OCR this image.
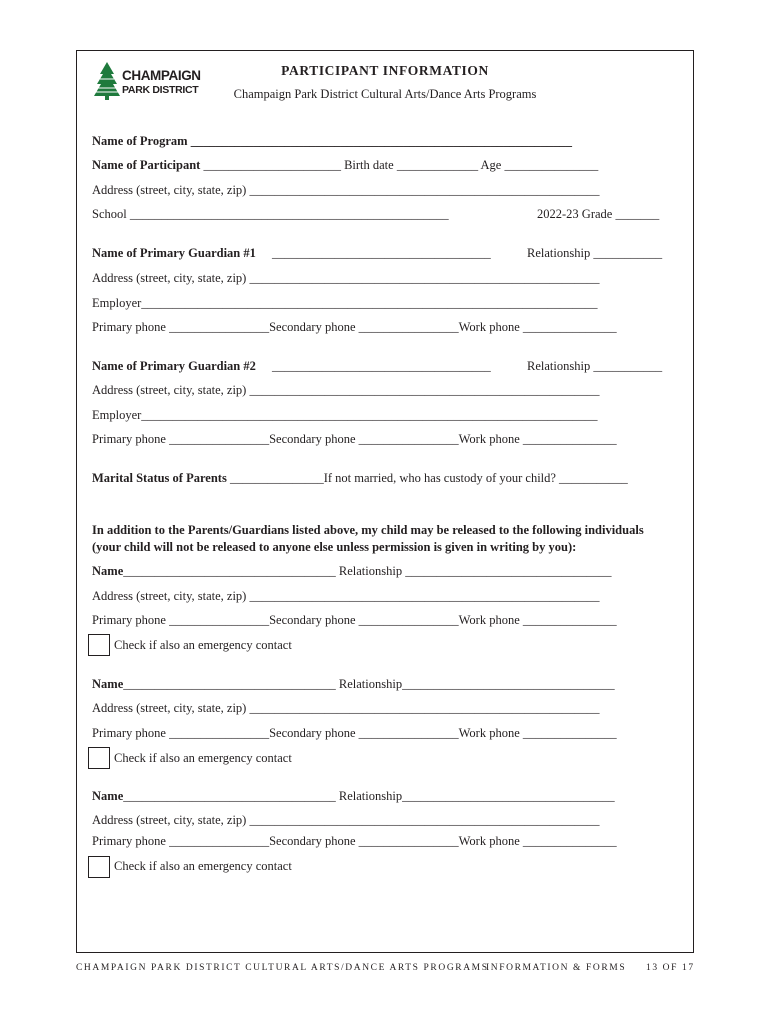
CHAMPAIGN
PARK DISTRICT
PARTICIPANT INFORMATION
Champaign Park District Cultural Arts/Dance Arts Programs
Name of Program _____________________________________________________________
Name of Participant ______________________ Birth date _____________ Age _______________
Address (street, city, state, zip) ________________________________________________________
School ___________________________________________________	2022-23 Grade _______
Name of Primary Guardian #1 ___________________________________	Relationship ___________
Address (street, city, state, zip) ________________________________________________________
Employer_________________________________________________________________________
Primary phone ________________Secondary phone ________________Work phone _______________
Name of Primary Guardian #2 ___________________________________	Relationship ___________
Address (street, city, state, zip) ________________________________________________________
Employer_________________________________________________________________________
Primary phone ________________Secondary phone ________________Work phone _______________
Marital Status of Parents _______________If not married, who has custody of your child? ___________
In addition to the Parents/Guardians listed above, my child may be released to the following individuals
(your child will not be released to anyone else unless permission is given in writing by you):
Name__________________________________ Relationship _________________________________
Address (street, city, state, zip) ________________________________________________________
Primary phone ________________Secondary phone ________________Work phone _______________
Check if also an emergency contact
Name__________________________________ Relationship__________________________________
Address (street, city, state, zip) ________________________________________________________
Primary phone ________________Secondary phone ________________Work phone _______________
Check if also an emergency contact
Name__________________________________ Relationship__________________________________
Address (street, city, state, zip) ________________________________________________________
Primary phone ________________Secondary phone ________________Work phone _______________
Check if also an emergency contact
CHAMPAIGN PARK DISTRICT CULTURAL ARTS/DANCE ARTS PROGRAMS
INFORMATION & FORMS 13 OF 17
